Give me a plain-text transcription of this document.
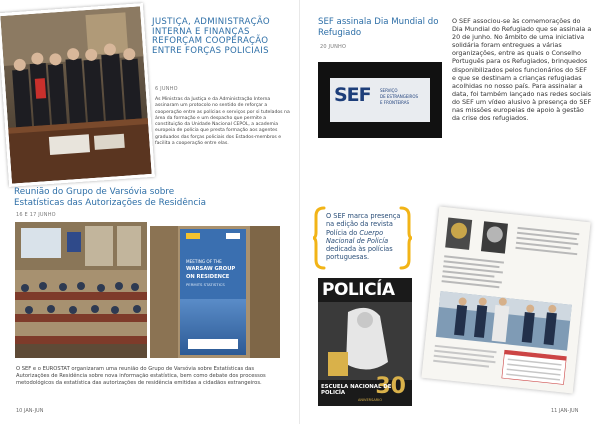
JUSTIÇA, ADMINISTRAÇÃO INTERNA E FINANÇAS REFORÇAM COOPERAÇÃO ENTRE FORÇAS POLICIAIS
6 JUNHO
As Ministras da Justiça e da Administração Interna assinaram um protocolo no sentido de reforçar a cooperação entre as polícias e serviços por si tutelados na área da formação e um despacho que permite a constituição da Unidade Nacional CEPOL, a academia europeia de polícia que presta formação aos agentes graduados das forças policiais dos Estados-membros e facilita a cooperação entre elas.
Reunião do Grupo de Varsóvia sobre Estatísticas das Autorizações de Residência
16 E 17 JUNHO
MEETING OF THE
WARSAW GROUP
ON RESIDENCE
PERMITS STATISTICS
O SEF e o EUROSTAT organizaram uma reunião do Grupo de Varsóvia sobre Estatísticas das Autorizações de Residência sobre nova informação estatística, bem como debate dos processos metodológicos da estatística das autorizações de residência emitidas a cidadãos estrangeiros.
10 JAN-JUN
SEF assinala Dia Mundial do Refugiado
20 JUNHO
SEF SERVIÇO
DE ESTRANGEIROS
E FRONTEIRAS
O SEF associou-se às comemorações do Dia Mundial do Refugiado que se assinala a 20 de junho. No âmbito de uma iniciativa solidária foram entregues a várias organizações, entre as quais o Conselho Português para os Refugiados, brinquedos disponibilizados pelos funcionários do SEF e que se destinam a crianças refugiadas acolhidas no nosso país. Para assinalar a data, foi também lançado nas redes sociais do SEF um vídeo alusivo à presença do SEF nas missões europeias de apoio à gestão da crise dos refugiados.
O SEF marca presença
na edição da revista
Polícia do Cuerpo
Nacional de Policía
dedicada às polícias
portuguesas.
POLICÍA
30
ESCUELA NACIONAL DE POLICÍA
ANIVERSARIO
11 JAN-JUN
